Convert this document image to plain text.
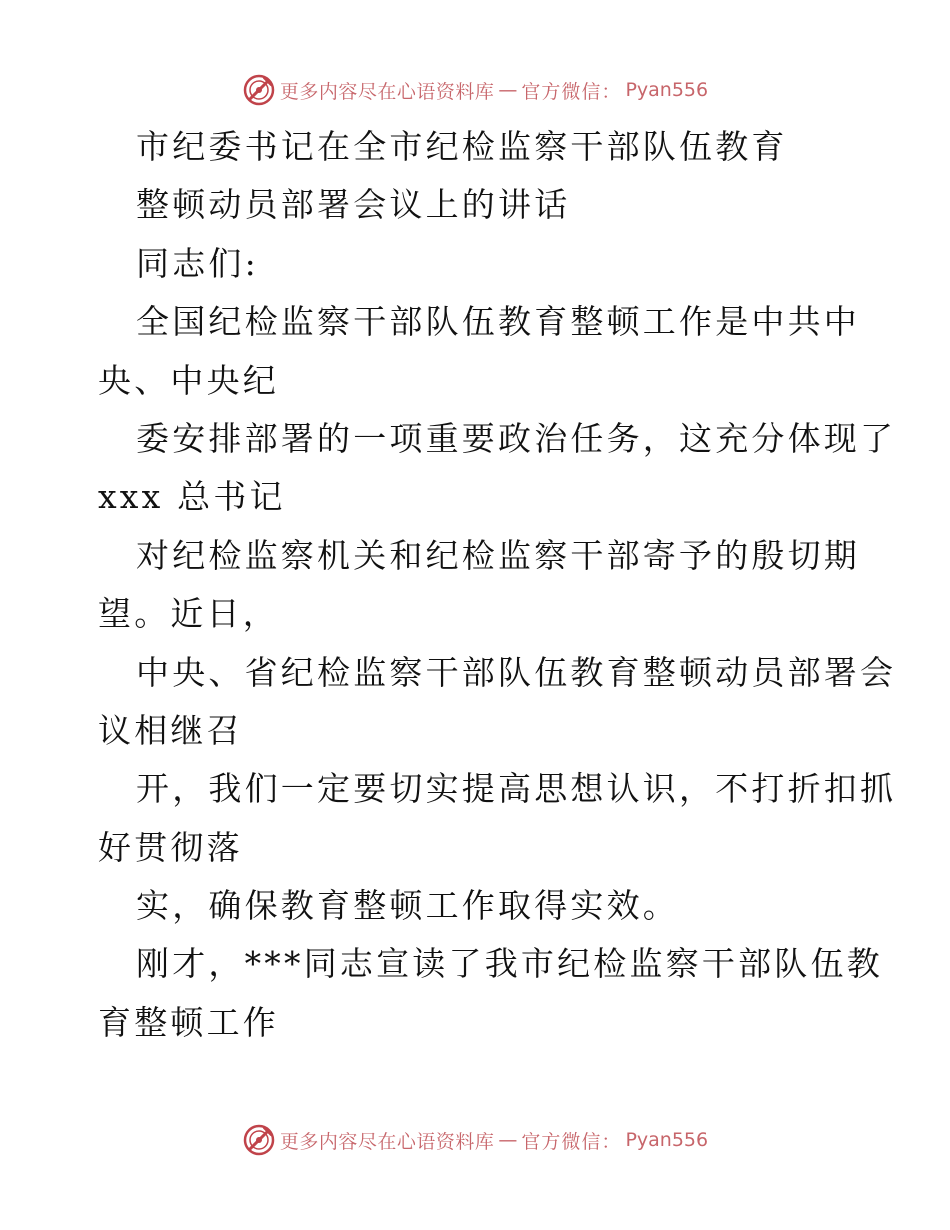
更多内容尽在心语资料库 — 官方微信： Pyan556
市纪委书记在全市纪检监察干部队伍教育
整顿动员部署会议上的讲话
同志们:
全国纪检监察干部队伍教育整顿工作是中共中
央、中央纪
委安排部署的一项重要政治任务，这充分体现了
xxx 总书记
对纪检监察机关和纪检监察干部寄予的殷切期
望。近日，
中央、省纪检监察干部队伍教育整顿动员部署会
议相继召
开，我们一定要切实提高思想认识，不打折扣抓
好贯彻落
实，确保教育整顿工作取得实效。
刚才，***同志宣读了我市纪检监察干部队伍教
育整顿工作
更多内容尽在心语资料库 — 官方微信： Pyan556
